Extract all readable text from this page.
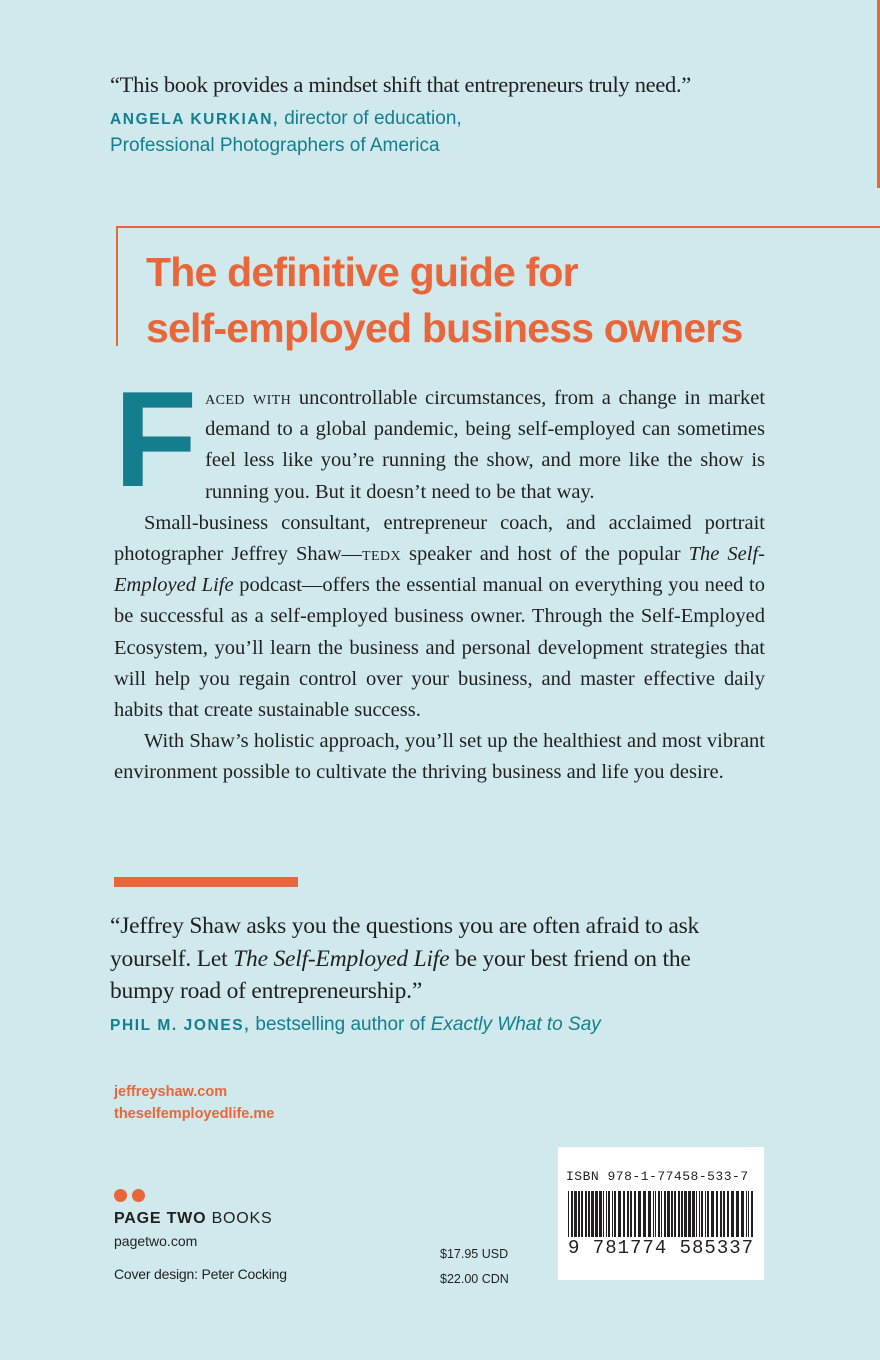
“This book provides a mindset shift that entrepreneurs truly need.”
ANGELA KURKIAN, director of education,
Professional Photographers of America
The definitive guide for
self-employed business owners

Faced with uncontrollable circumstances, from a change in market demand to a global pandemic, being self-employed can sometimes feel less like you’re running the show, and more like the show is running you. But it doesn’t need to be that way.

Small-business consultant, entrepreneur coach, and acclaimed portrait photographer Jeffrey Shaw—tedx speaker and host of the popular The Self-Employed Life podcast—offers the essential manual on everything you need to be successful as a self-employed business owner. Through the Self-Employed Ecosystem, you’ll learn the business and personal development strategies that will help you regain control over your business, and master effective daily habits that create sustainable success.

With Shaw’s holistic approach, you’ll set up the healthiest and most vibrant environment possible to cultivate the thriving business and life you desire.

“Jeffrey Shaw asks you the questions you are often afraid to ask yourself. Let The Self-Employed Life be your best friend on the bumpy road of entrepreneurship.”
PHIL M. JONES, bestselling author of Exactly What to Say
jeffreyshaw.com
theselfemployedlife.me
PAGE TWO BOOKS
pagetwo.com
Cover design: Peter Cocking
$17.95 USD
$22.00 CDN
ISBN 978-1-77458-533-7
9 781774 585337
